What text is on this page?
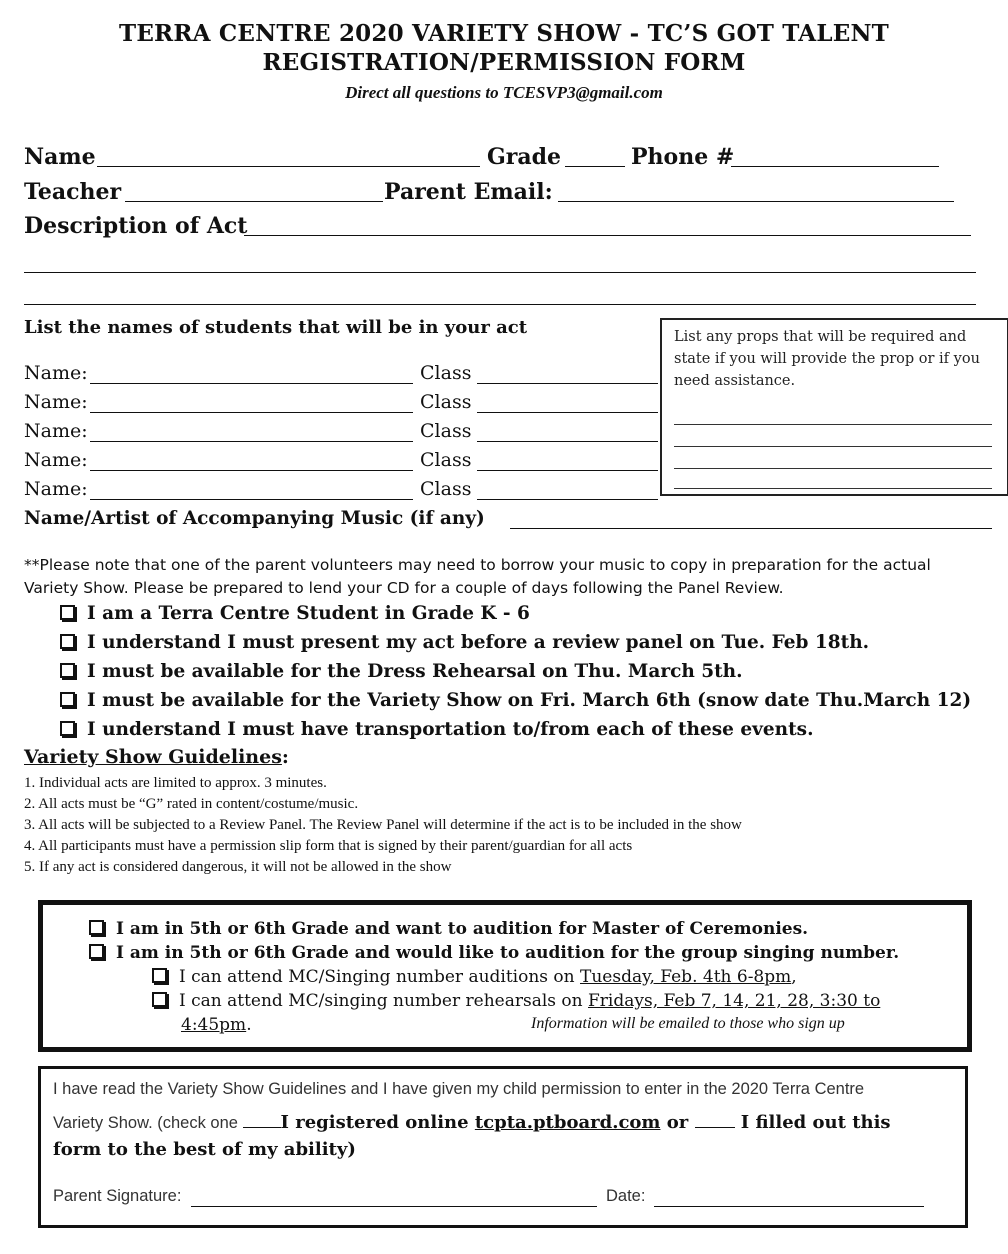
TERRA CENTRE 2020 VARIETY SHOW - TC’S GOT TALENT
REGISTRATION/PERMISSION FORM
Direct all questions to TCESVP3@gmail.com
Name	Grade	Phone #
Teacher	Parent Email:
Description of Act
List the names of students that will be in your act
Name:	Class
Name:	Class
Name:	Class
Name:	Class
Name:	Class
List any props that will be required and state if you will provide the prop or if you need assistance.
Name/Artist of Accompanying Music (if any)
**Please note that one of the parent volunteers may need to borrow your music to copy in preparation for the actual Variety Show. Please be prepared to lend your CD for a couple of days following the Panel Review.
I am a Terra Centre Student in Grade K - 6
I understand I must present my act before a review panel on Tue. Feb 18th.
I must be available for the Dress Rehearsal on Thu. March 5th.
I must be available for the Variety Show on Fri. March 6th (snow date Thu.March 12)
I understand I must have transportation to/from each of these events.
Variety Show Guidelines:
1. Individual acts are limited to approx. 3 minutes.
2. All acts must be “G” rated in content/costume/music.
3. All acts will be subjected to a Review Panel. The Review Panel will determine if the act is to be included in the show
4. All participants must have a permission slip form that is signed by their parent/guardian for all acts
5. If any act is considered dangerous, it will not be allowed in the show
I am in 5th or 6th Grade and want to audition for Master of Ceremonies.
I am in 5th or 6th Grade and would like to audition for the group singing number.
I can attend MC/Singing number auditions on Tuesday, Feb. 4th 6-8pm,
I can attend MC/singing number rehearsals on Fridays, Feb 7, 14, 21, 28, 3:30 to
4:45pm.	Information will be emailed to those who sign up
I have read the Variety Show Guidelines and I have given my child permission to enter in the 2020 Terra Centre
Variety Show. (check one I registered online tcpta.ptboard.com or  I filled out this
form to the best of my ability)
Parent Signature:	Date:
